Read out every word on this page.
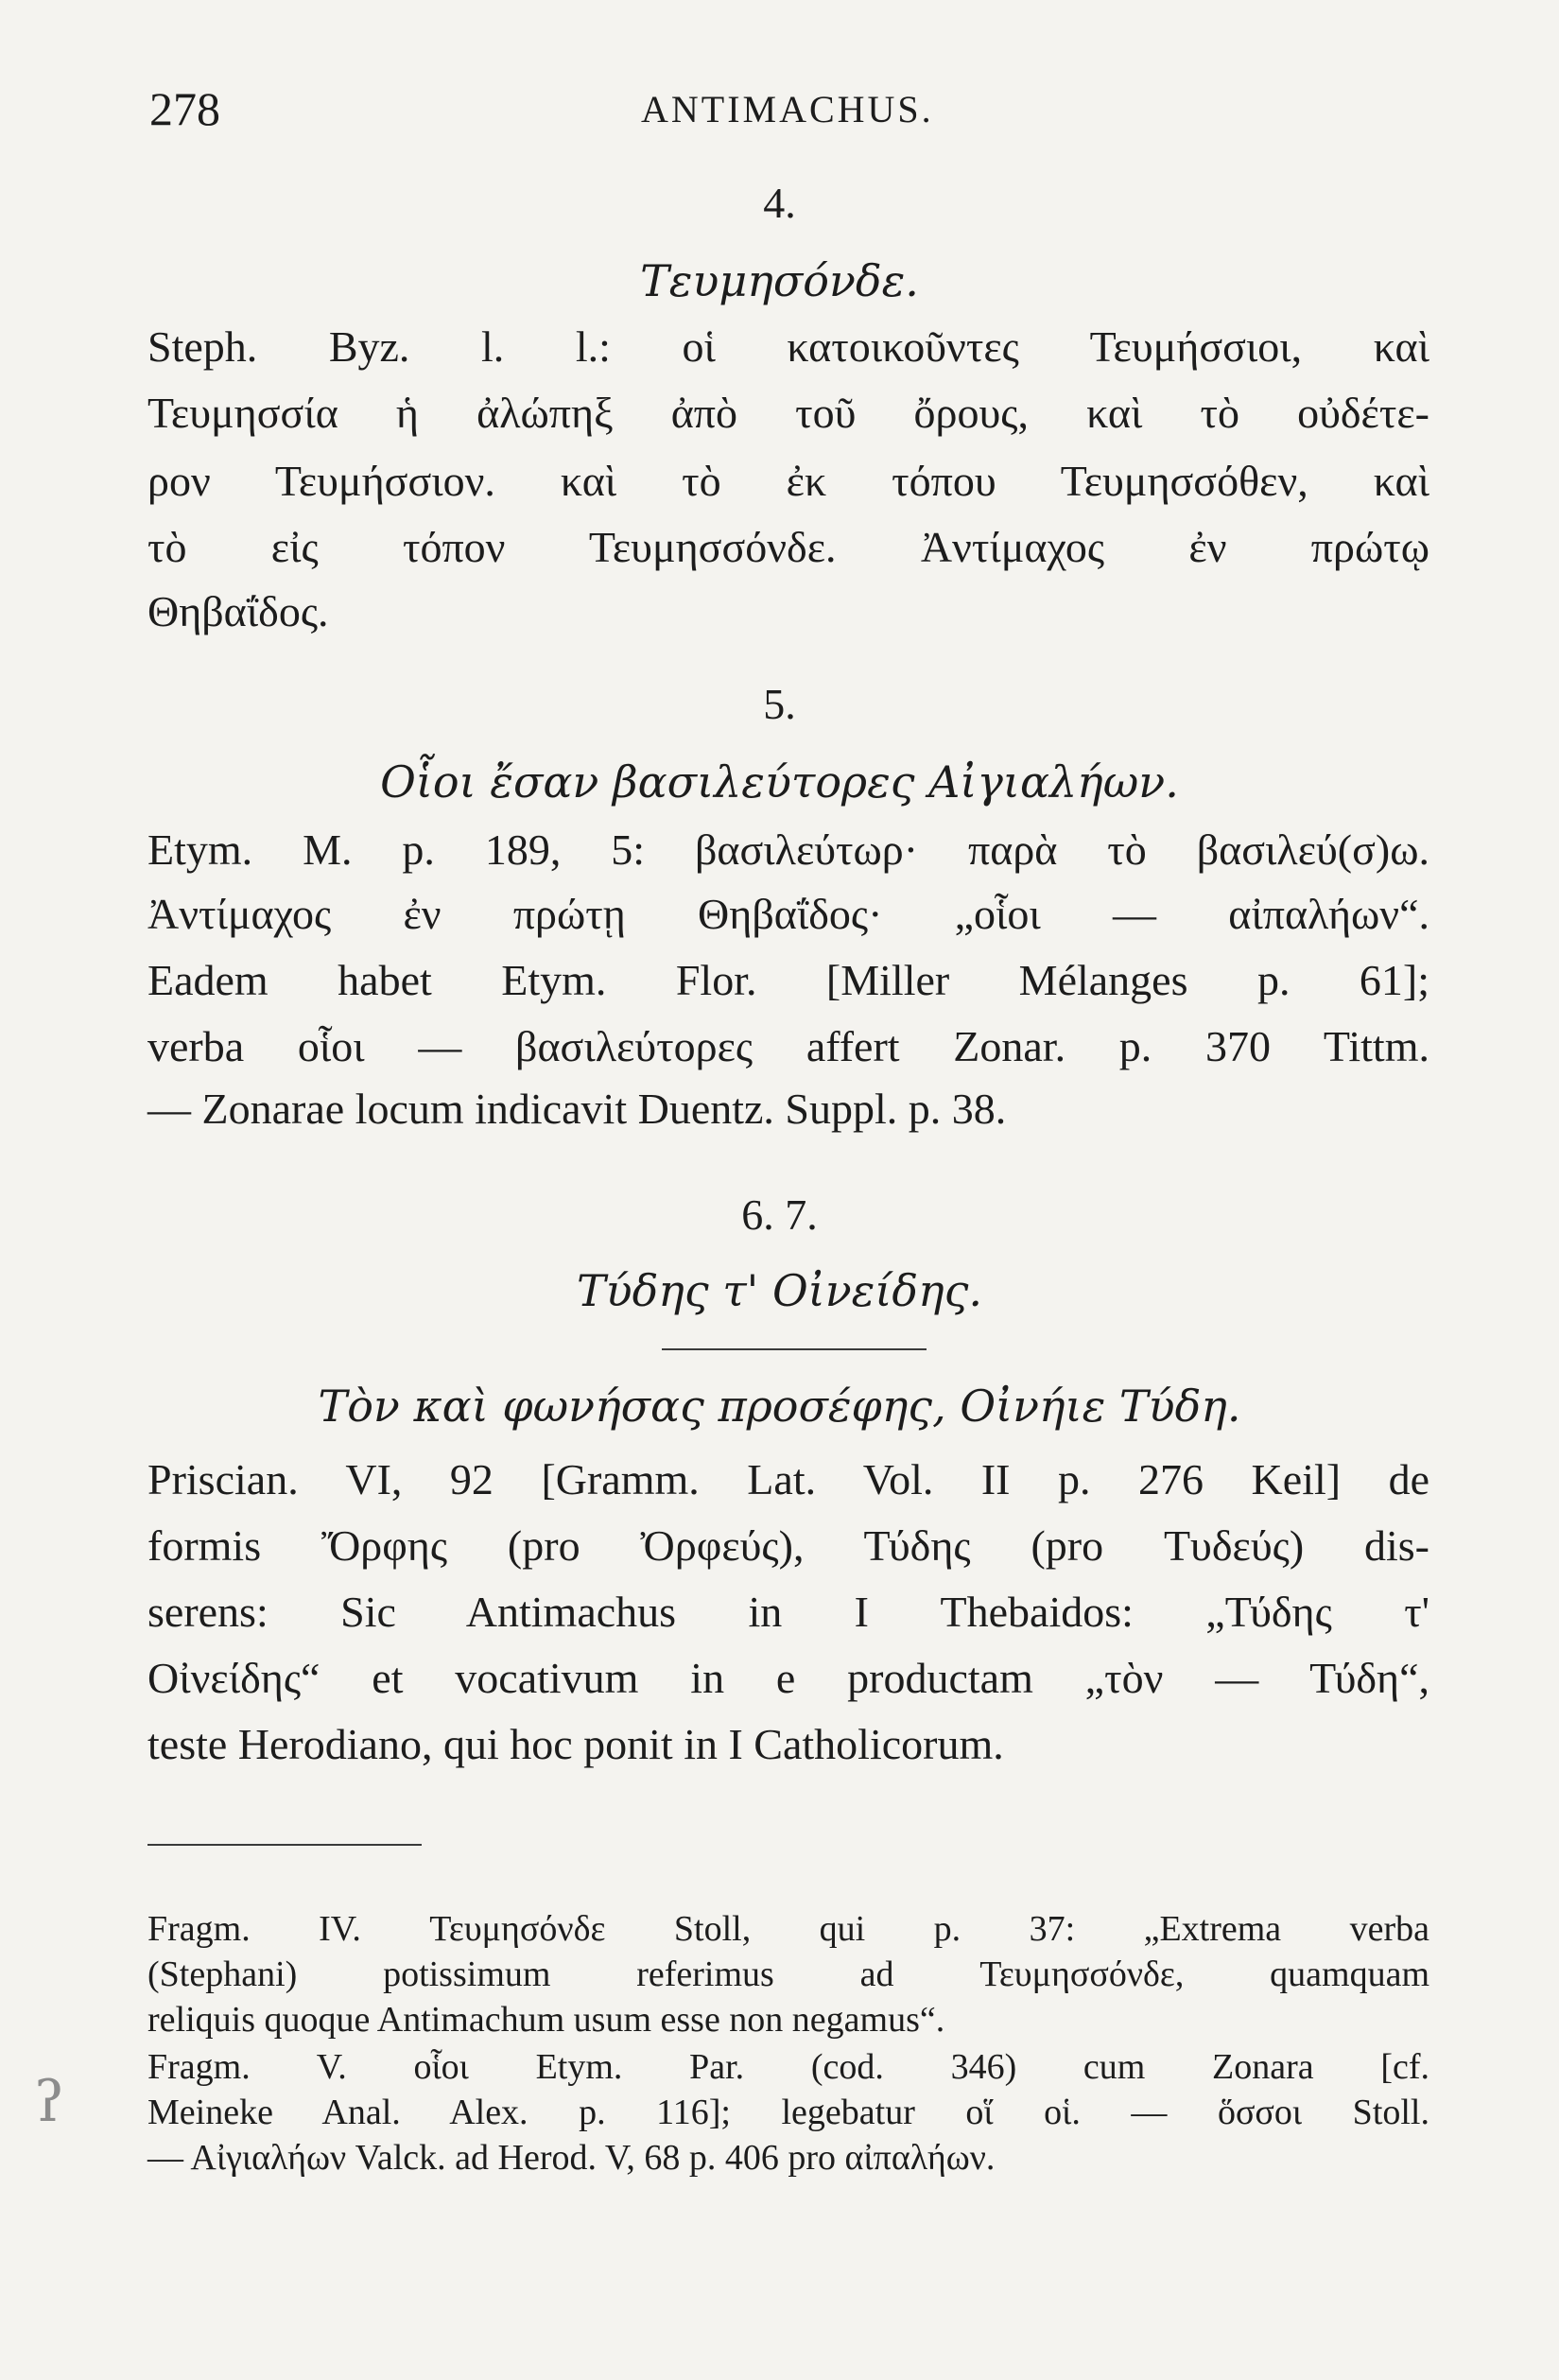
278	ANTIMACHUS.
4.
Τευμησόνδε.
Steph. Byz. l. l.: οἱ κατοικοῦντες Τευμήσσιοι, καὶ
Τευμησσία ἡ ἀλώπηξ ἀπὸ τοῦ ὄρους, καὶ τὸ οὐδέτε-
ρον Τευμήσσιον. καὶ τὸ ἐκ τόπου Τευμησσόθεν, καὶ
τὸ εἰς τόπον Τευμησσόνδε. Ἀντίμαχος ἐν πρώτῳ
Θηβαΐδος.
5.
Οἷοι ἔσαν βασιλεύτορες Αἰγιαλήων.
Etym. M. p. 189, 5: βασιλεύτωρ· παρὰ τὸ βασιλεύ(σ)ω.
Ἀντίμαχος ἐν πρώτῃ Θηβαΐδος· „οἷοι — αἰπαλήων“.
Eadem habet Etym. Flor. [Miller Mélanges p. 61];
verba οἷοι — βασιλεύτορες affert Zonar. p. 370 Tittm.
— Zonarae locum indicavit Duentz. Suppl. p. 38.
6. 7.
Τύδης τ' Οἰνείδης.
Τὸν καὶ φωνήσας προσέφης, Οἰνήιε Τύδη.
Priscian. VI, 92 [Gramm. Lat. Vol. II p. 276 Keil] de
formis Ὄρφης (pro Ὀρφεύς), Τύδης (pro Τυδεύς) dis-
serens: Sic Antimachus in I Thebaidos: „Τύδης τ'
Οἰνείδης“ et vocativum in e productam „τὸν — Τύδη“,
teste Herodiano, qui hoc ponit in I Catholicorum.
Fragm. IV. Τευμησόνδε Stoll, qui p. 37: „Extrema verba
(Stephani) potissimum referimus ad Τευμησσόνδε, quamquam
reliquis quoque Antimachum usum esse non negamus“.
Fragm. V. οἷοι Etym. Par. (cod. 346) cum Zonara [cf.
Meineke Anal. Alex. p. 116]; legebatur οἵ οἱ. — ὅσσοι Stoll.
— Αἰγιαλήων Valck. ad Herod. V, 68 p. 406 pro αἰπαλήων.
ʔ
